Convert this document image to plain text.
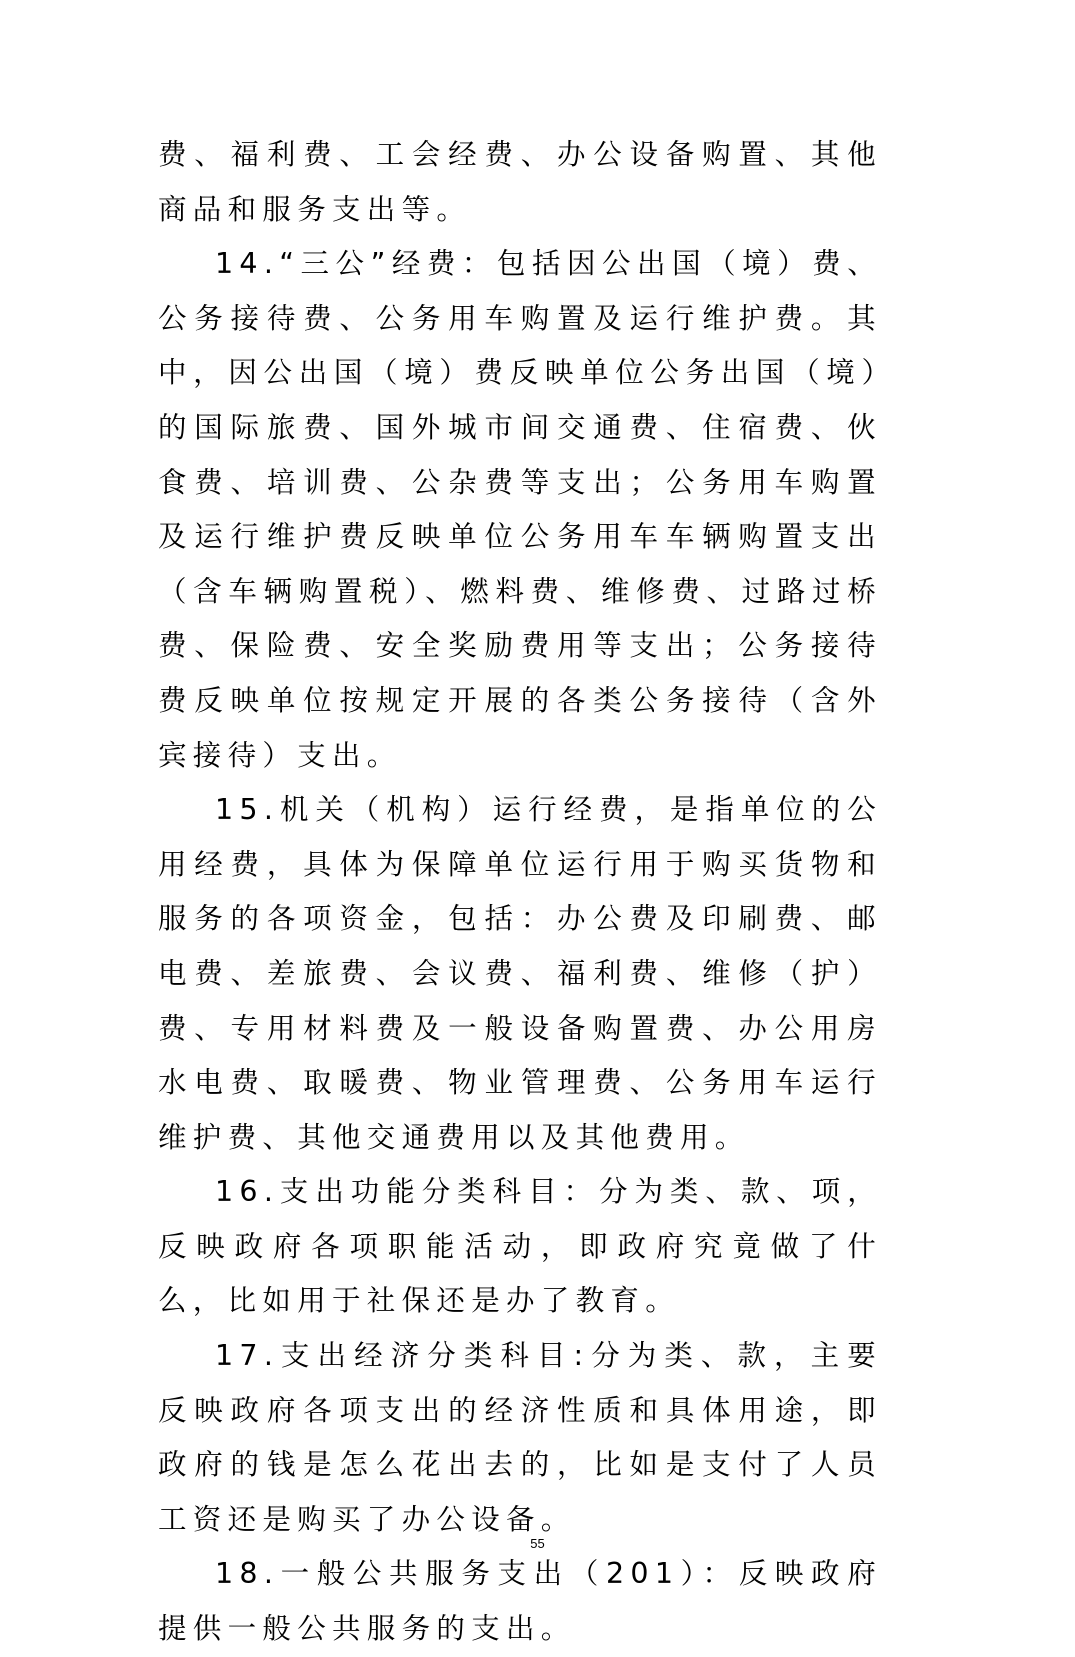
费、福利费、工会经费、办公设备购置、其他商品和服务支出等。

14.“三公”经费：包括因公出国（境）费、公务接待费、公务用车购置及运行维护费。其中，因公出国（境）费反映单位公务出国（境）的国际旅费、国外城市间交通费、住宿费、伙食费、培训费、公杂费等支出；公务用车购置及运行维护费反映单位公务用车车辆购置支出（含车辆购置税）、燃料费、维修费、过路过桥费、保险费、安全奖励费用等支出；公务接待费反映单位按规定开展的各类公务接待（含外宾接待）支出。

15.机关（机构）运行经费，是指单位的公用经费，具体为保障单位运行用于购买货物和服务的各项资金，包括：办公费及印刷费、邮电费、差旅费、会议费、福利费、维修（护）费、专用材料费及一般设备购置费、办公用房水电费、取暖费、物业管理费、公务用车运行维护费、其他交通费用以及其他费用。

16.支出功能分类科目：分为类、款、项，反映政府各项职能活动，即政府究竟做了什么，比如用于社保还是办了教育。

17.支出经济分类科目:分为类、款，主要反映政府各项支出的经济性质和具体用途，即政府的钱是怎么花出去的，比如是支付了人员工资还是购买了办公设备。

18.一般公共服务支出（201）：反映政府提供一般公共服务的支出。

55
